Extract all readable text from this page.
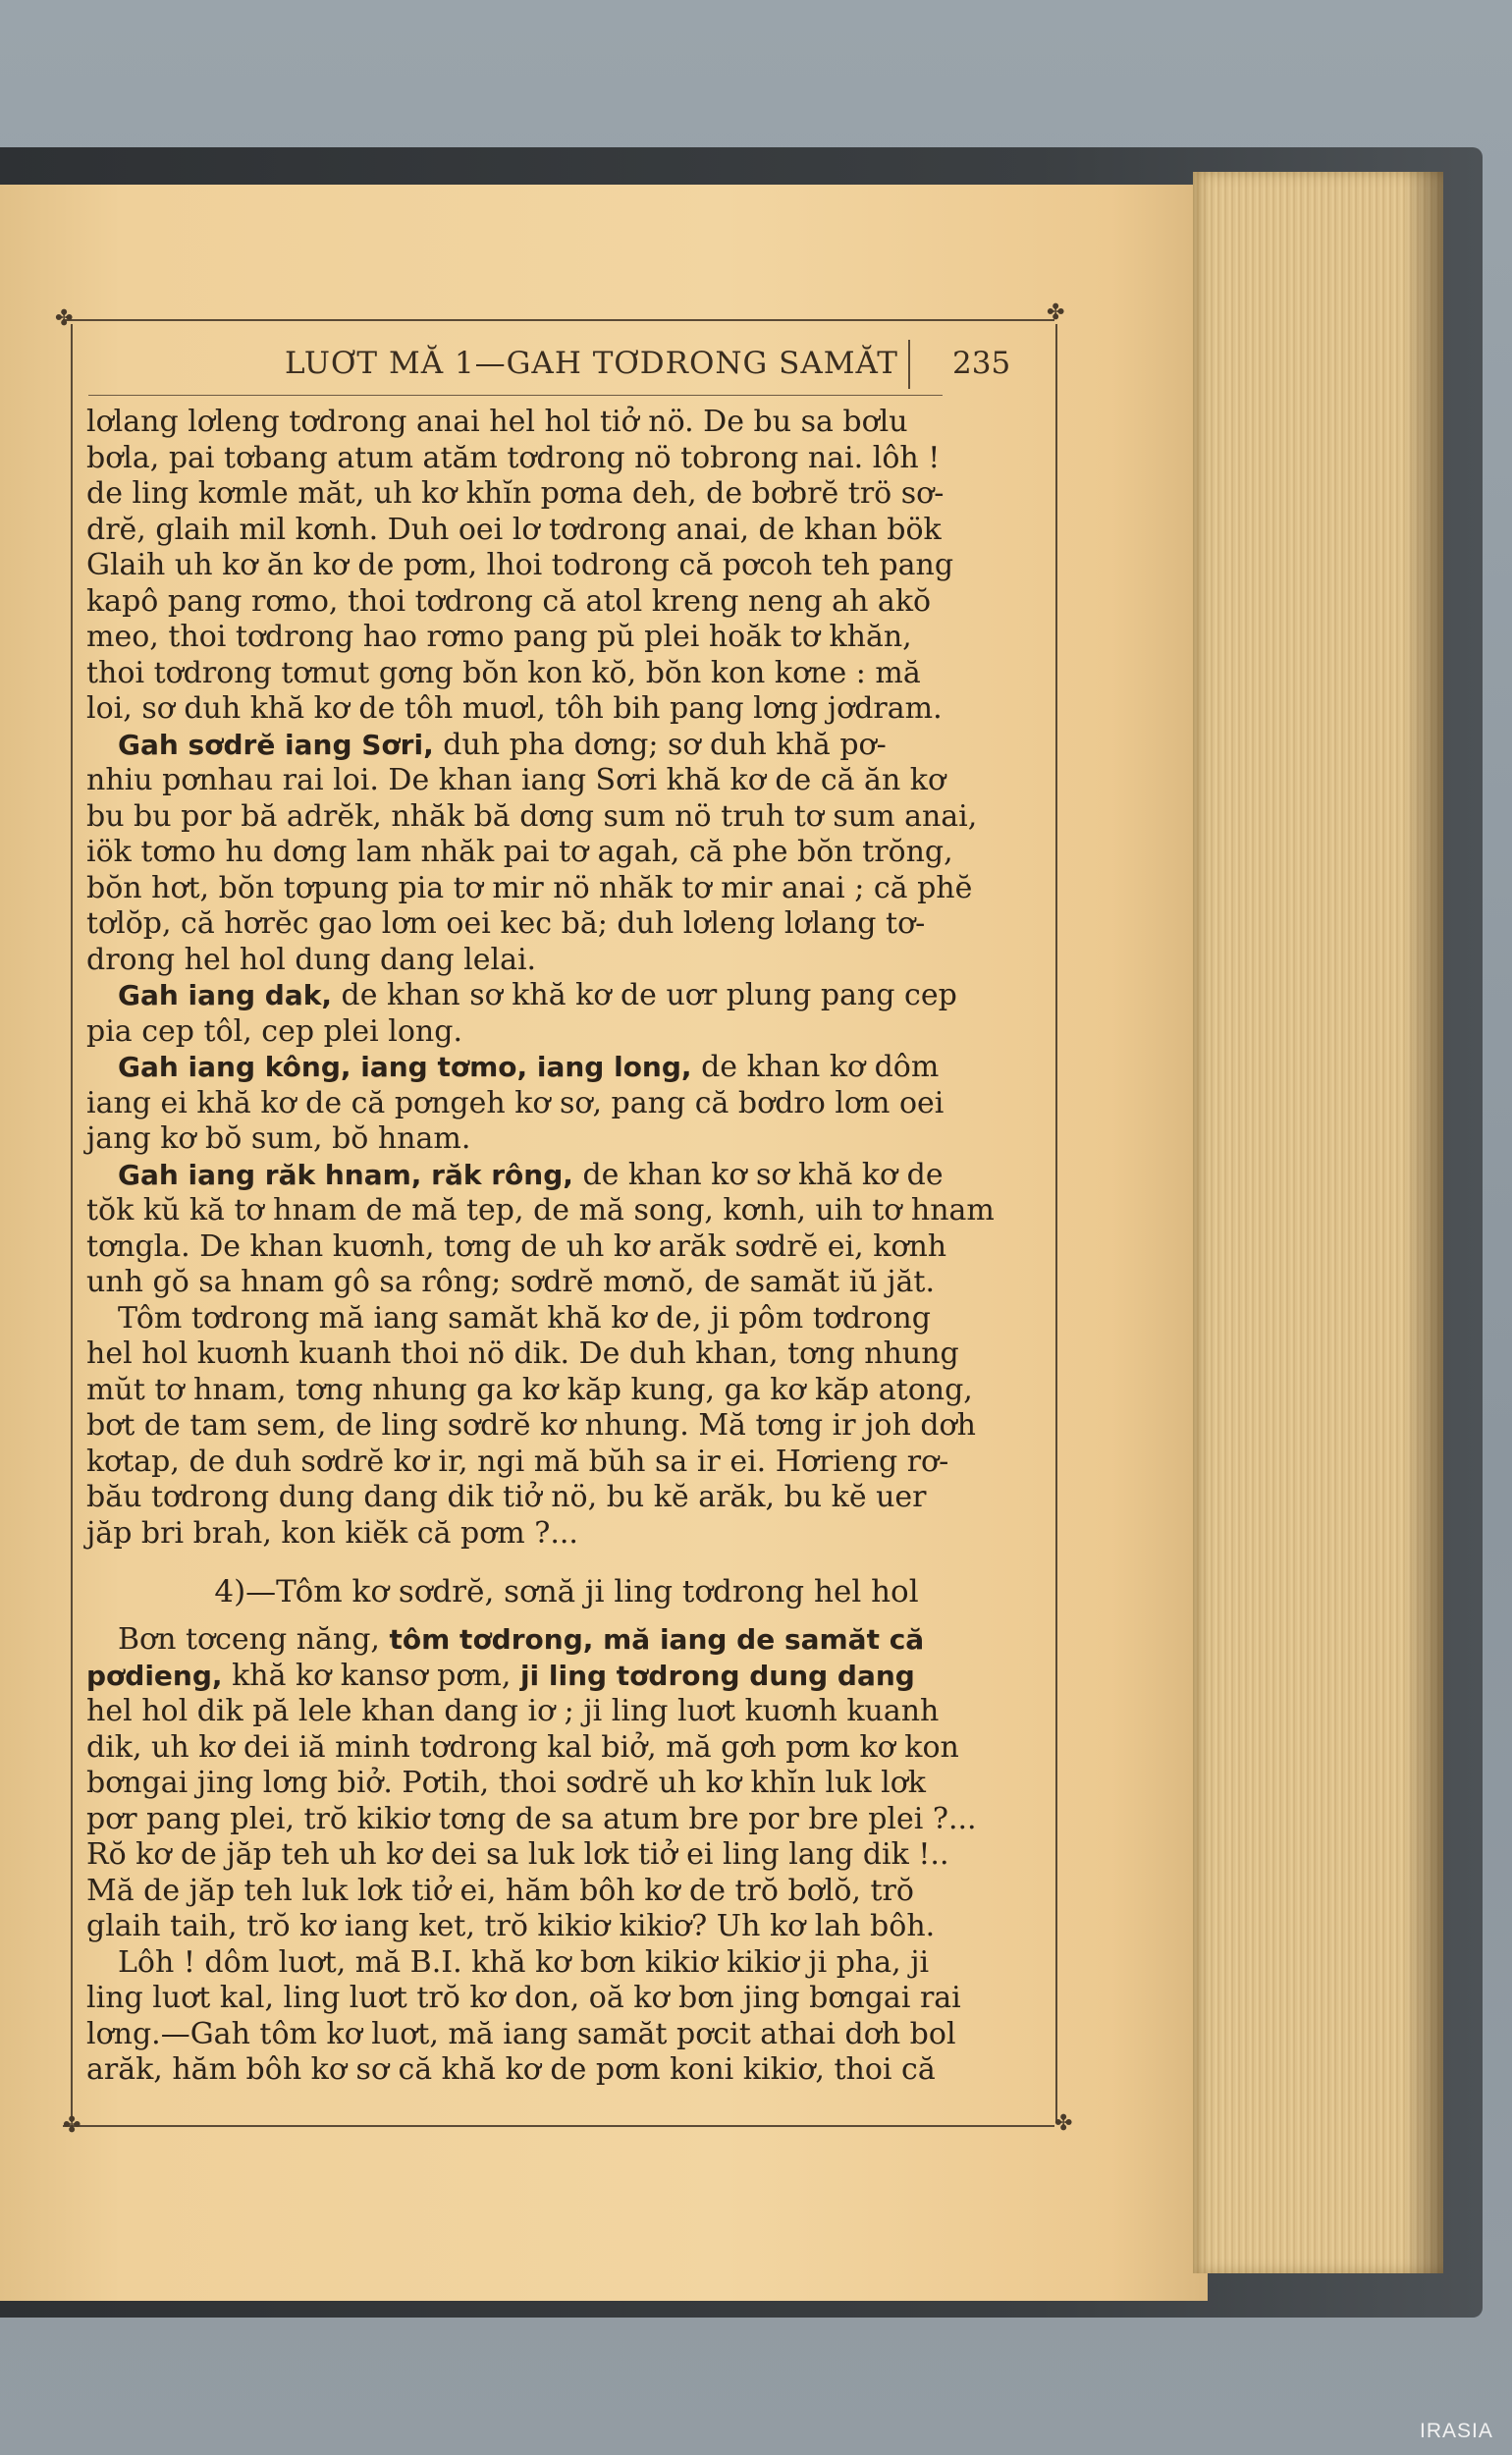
✤	✤
✤	✤
LUƠT MĂ 1—GAH TƠDRONG SAMĂT 235
lơlang lơleng tơdrong anai hel hol tiở nö. De bu sa bơlu
bơla, pai tơbang atum atăm tơdrong nö tobrong nai. lôh !
de ling kơmle măt, uh kơ khĭn pơma deh, de bơbrĕ trö sơ-
drĕ, glaih mil kơnh. Duh oei lơ tơdrong anai, de khan bök
Glaih uh kơ ăn kơ de pơm, lhoi todrong că pơcoh teh pang
kapô pang rơmo, thoi tơdrong că atol kreng neng ah akŏ
meo, thoi tơdrong hao rơmo pang pŭ plei hoăk tơ khăn,
thoi tơdrong tơmut gơng bŏn kon kŏ, bŏn kon kơne : mă
loi, sơ duh khă kơ de tôh muơl, tôh bih pang lơng jơdram.
Gah sơdrĕ iang Sơri, duh pha dơng; sơ duh khă pơ-
nhiu pơnhau rai loi. De khan iang Sơri khă kơ de că ăn kơ
bu bu por bă adrĕk, nhăk bă dơng sum nö truh tơ sum anai,
iök tơmo hu dơng lam nhăk pai tơ agah, că phe bŏn trŏng,
bŏn hơt, bŏn tơpung pia tơ mir nö nhăk tơ mir anai ; că phĕ
tơlŏp, că hơrĕc gao lơm oei kec bă; duh lơleng lơlang tơ-
drong hel hol dung dang lelai.
Gah iang dak, de khan sơ khă kơ de uơr plung pang cep
pia cep tôl, cep plei long.
Gah iang kông, iang tơmo, iang long, de khan kơ dôm
iang ei khă kơ de că pơngeh kơ sơ, pang că bơdro lơm oei
jang kơ bŏ sum, bŏ hnam.
Gah iang răk hnam, răk rông, de khan kơ sơ khă kơ de
tŏk kŭ kă tơ hnam de mă tep, de mă song, kơnh, uih tơ hnam
tơngla. De khan kuơnh, tơng de uh kơ arăk sơdrĕ ei, kơnh
unh gŏ sa hnam gô sa rông; sơdrĕ mơnŏ, de samăt iŭ jăt.
Tôm tơdrong mă iang samăt khă kơ de, ji pôm tơdrong
hel hol kuơnh kuanh thoi nö dik. De duh khan, tơng nhung
mŭt tơ hnam, tơng nhung ga kơ kăp kung, ga kơ kăp atong,
bơt de tam sem, de ling sơdrĕ kơ nhung. Mă tơng ir joh dơh
kơtap, de duh sơdrĕ kơ ir, ngi mă bŭh sa ir ei. Hơrieng rơ-
bău tơdrong dung dang dik tiở nö, bu kĕ arăk, bu kĕ uer
jăp bri brah, kon kiĕk că pơm ?...
4)—Tôm kơ sơdrĕ, sơnă ji ling tơdrong hel hol
Bơn tơceng năng, tôm tơdrong, mă iang de samăt că
pơdieng, khă kơ kansơ pơm, ji ling tơdrong dung dang
hel hol dik pă lele khan dang iơ ; ji ling luơt kuơnh kuanh
dik, uh kơ dei iă minh tơdrong kal biở, mă gơh pơm kơ kon
bơngai jing lơng biở. Pơtih, thoi sơdrĕ uh kơ khĭn luk lơk
pơr pang plei, trŏ kikiơ tơng de sa atum bre por bre plei ?...
Rŏ kơ de jăp teh uh kơ dei sa luk lơk tiở ei ling lang dik !..
Mă de jăp teh luk lơk tiở ei, hăm bôh kơ de trŏ bơlŏ, trŏ
glaih taih, trŏ kơ iang ket, trŏ kikiơ kikiơ? Uh kơ lah bôh.
Lôh ! dôm luơt, mă B.I. khă kơ bơn kikiơ kikiơ ji pha, ji
ling luơt kal, ling luơt trŏ kơ don, oă kơ bơn jing bơngai rai
lơng.—Gah tôm kơ luơt, mă iang samăt pơcit athai dơh bol
arăk, hăm bôh kơ sơ că khă kơ de pơm koni kikiơ, thoi că
IRASIA
